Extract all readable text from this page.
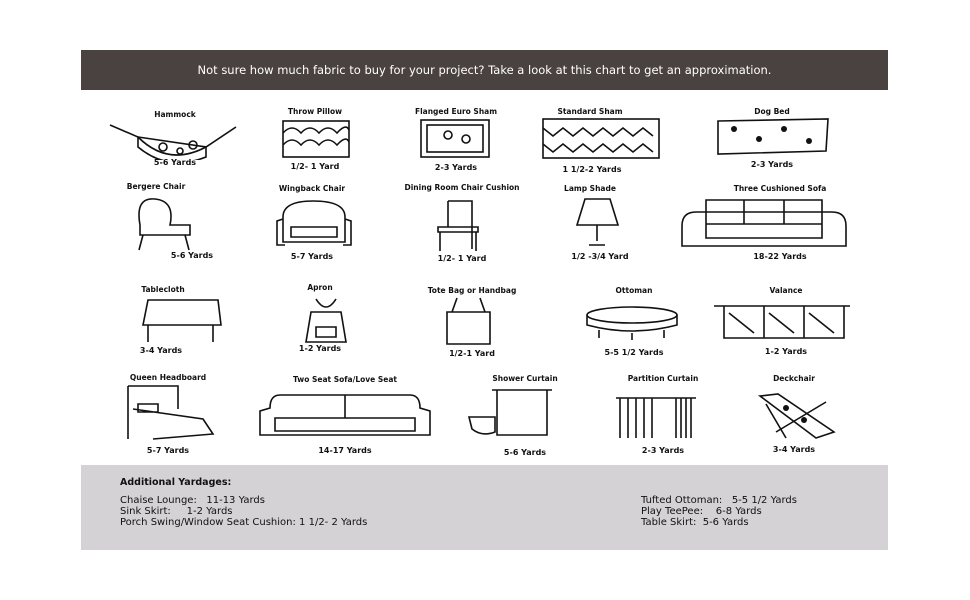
Not sure how much fabric to buy for your project? Take a look at this chart to get an approximation.
Additional Yardages:
Chaise Lounge:   11-13 Yards
Sink Skirt:     1-2 Yards
Porch Swing/Window Seat Cushion: 1 1/2- 2 Yards
Tufted Ottoman:   5-5 1/2 Yards
Play TeePee:    6-8 Yards
Table Skirt:  5-6 Yards
Hammock
5-6 Yards
Throw Pillow
1/2- 1 Yard
Flanged Euro Sham
2-3 Yards
Standard Sham
1 1/2-2 Yards
Dog Bed
2-3 Yards
Bergere Chair
5-6 Yards
Wingback Chair
5-7 Yards
Dining Room Chair Cushion
1/2- 1 Yard
Lamp Shade
1/2 -3/4 Yard
Three Cushioned Sofa
18-22 Yards
Tablecloth
3-4 Yards
Apron
1-2 Yards
Tote Bag or Handbag
1/2-1 Yard
Ottoman
5-5 1/2 Yards
Valance
1-2 Yards
Queen Headboard
5-7 Yards
Two Seat Sofa/Love Seat
14-17 Yards
Shower Curtain
5-6 Yards
Partition Curtain
2-3 Yards
Deckchair
3-4 Yards
